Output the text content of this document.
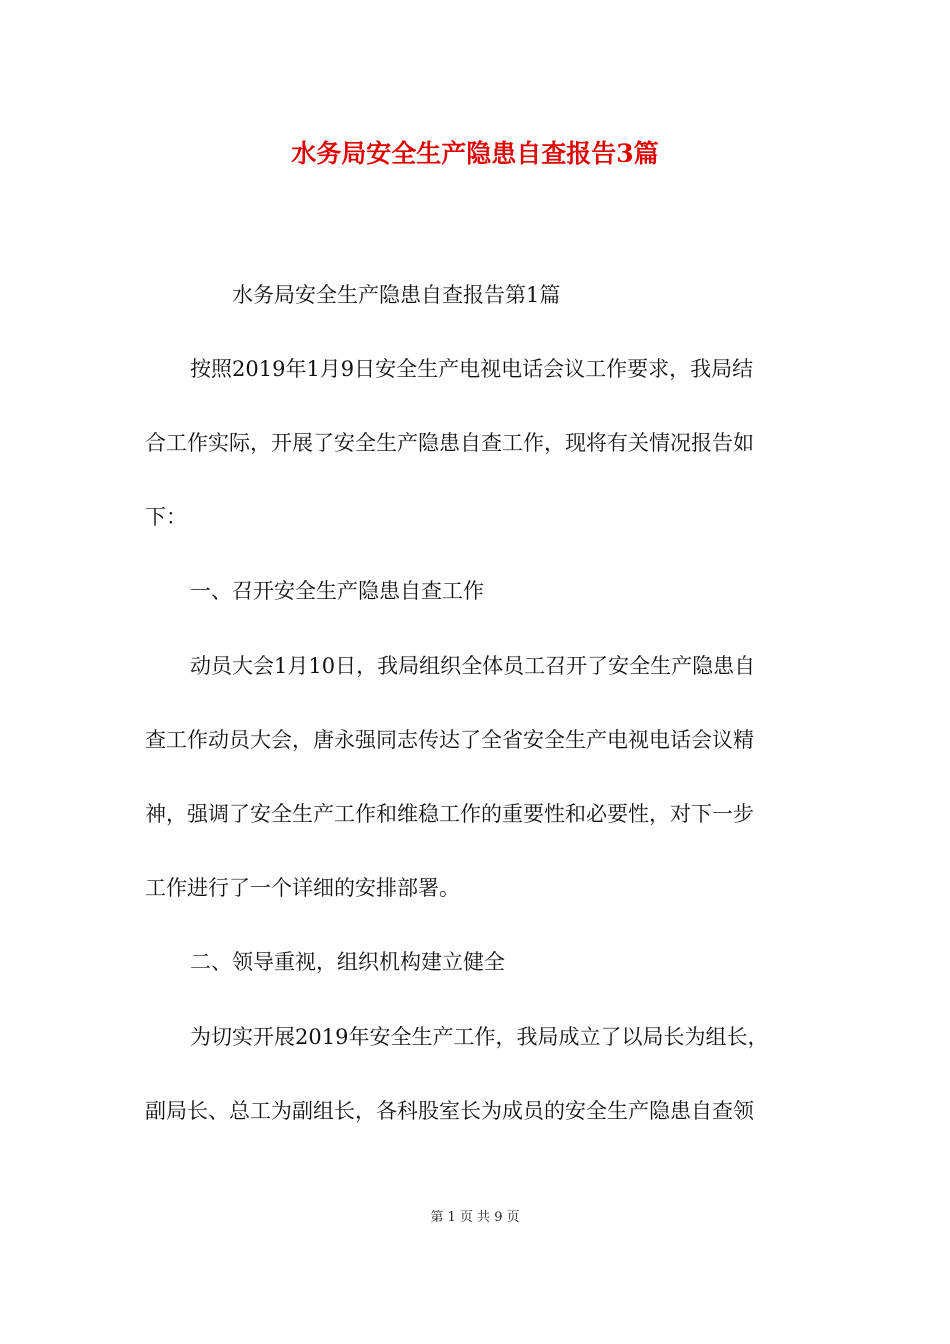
水务局安全生产隐患自查报告3篇
水务局安全生产隐患自查报告第1篇
按照2019年1月9日安全生产电视电话会议工作要求，我局结
合工作实际，开展了安全生产隐患自查工作，现将有关情况报告如
下：
一、召开安全生产隐患自查工作
动员大会1月10日，我局组织全体员工召开了安全生产隐患自
查工作动员大会，唐永强同志传达了全省安全生产电视电话会议精
神，强调了安全生产工作和维稳工作的重要性和必要性，对下一步
工作进行了一个详细的安排部署。
二、领导重视，组织机构建立健全
为切实开展2019年安全生产工作，我局成立了以局长为组长，
副局长、总工为副组长，各科股室长为成员的安全生产隐患自查领
第 1 页 共 9 页
